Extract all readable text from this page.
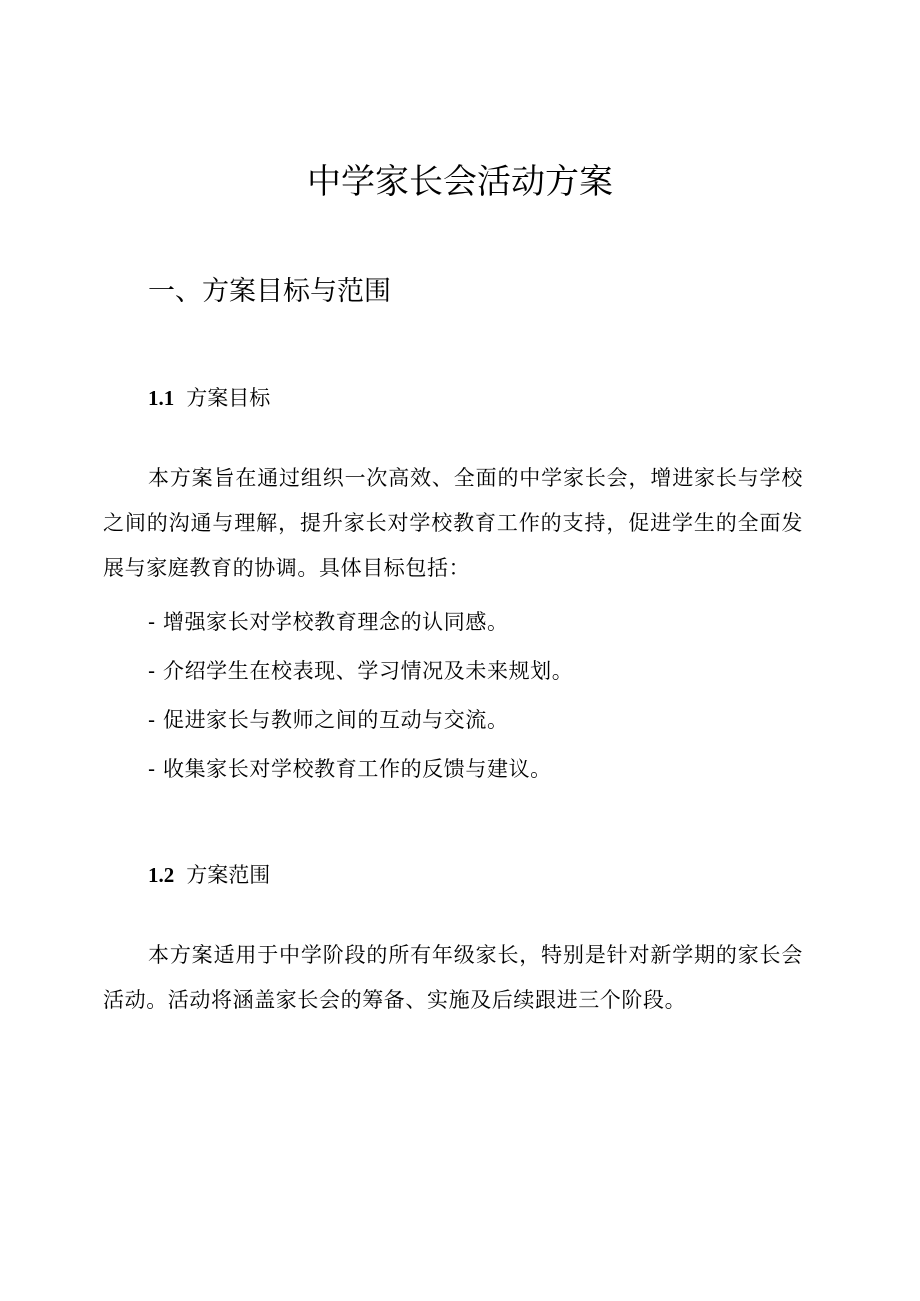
中学家长会活动方案
一、方案目标与范围
1.1 方案目标

本方案旨在通过组织一次高效、全面的中学家长会，增进家长与学校之间的沟通与理解，提升家长对学校教育工作的支持，促进学生的全面发展与家庭教育的协调。具体目标包括：

- 增强家长对学校教育理念的认同感。
- 介绍学生在校表现、学习情况及未来规划。
- 促进家长与教师之间的互动与交流。
- 收集家长对学校教育工作的反馈与建议。
1.2 方案范围

本方案适用于中学阶段的所有年级家长，特别是针对新学期的家长会活动。活动将涵盖家长会的筹备、实施及后续跟进三个阶段。
